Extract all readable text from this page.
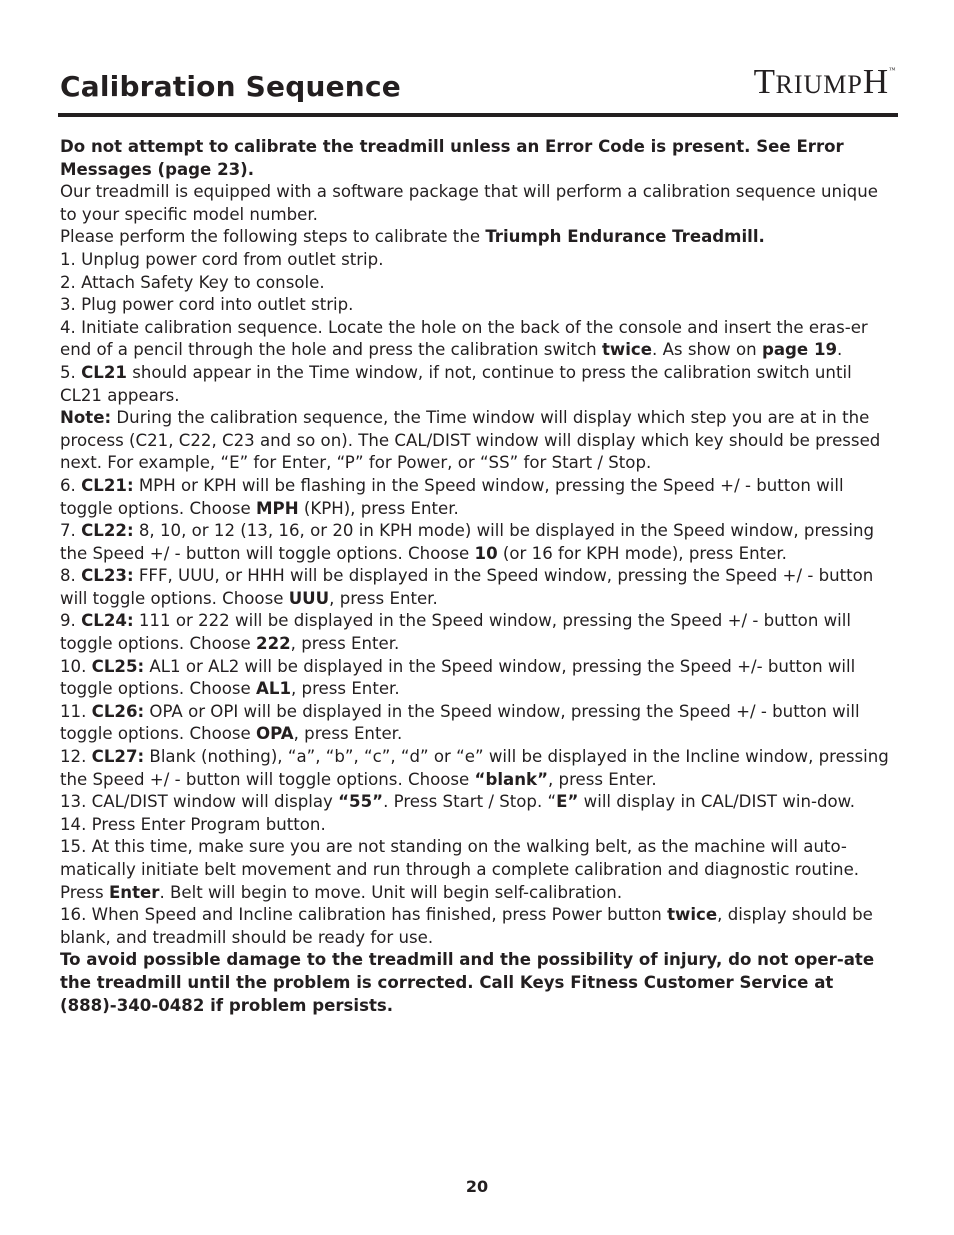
Calibration Sequence	TRIUMPH™

Do not attempt to calibrate the treadmill unless an Error Code is present. See Error Messages (page 23).

Our treadmill is equipped with a software package that will perform a calibration sequence unique to your specific model number.

Please perform the following steps to calibrate the Triumph Endurance Treadmill.

1. Unplug power cord from outlet strip.

2. Attach Safety Key to console.

3. Plug power cord into outlet strip.

4. Initiate calibration sequence. Locate the hole on the back of the console and insert the eras-er end of a pencil through the hole and press the calibration switch twice. As show on page 19.

5. CL21 should appear in the Time window, if not, continue to press the calibration switch until CL21 appears.

Note: During the calibration sequence, the Time window will display which step you are at in the process (C21, C22, C23 and so on). The CAL/DIST window will display which key should be pressed next. For example, “E” for Enter, “P” for Power, or “SS” for Start / Stop.

6. CL21: MPH or KPH will be flashing in the Speed window, pressing the Speed +/ - button will toggle options. Choose MPH (KPH), press Enter.

7. CL22: 8, 10, or 12 (13, 16, or 20 in KPH mode) will be displayed in the Speed window, pressing the Speed +/ - button will toggle options. Choose 10 (or 16 for KPH mode), press Enter.

8. CL23: FFF, UUU, or HHH will be displayed in the Speed window, pressing the Speed +/ - button will toggle options. Choose UUU, press Enter.

9. CL24: 111 or 222 will be displayed in the Speed window, pressing the Speed +/ - button will toggle options. Choose 222, press Enter.

10. CL25: AL1 or AL2 will be displayed in the Speed window, pressing the Speed +/- button will toggle options. Choose AL1, press Enter.

11. CL26: OPA or OPI will be displayed in the Speed window, pressing the Speed +/ - button will toggle options. Choose OPA, press Enter.

12. CL27: Blank (nothing), “a”, “b”, “c”, “d” or “e” will be displayed in the Incline window, pressing the Speed +/ - button will toggle options. Choose “blank”, press Enter.

13. CAL/DIST window will display “55”. Press Start / Stop. “E” will display in CAL/DIST win-dow.

14. Press Enter Program button.

15. At this time, make sure you are not standing on the walking belt, as the machine will auto-matically initiate belt movement and run through a complete calibration and diagnostic routine. Press Enter. Belt will begin to move. Unit will begin self-calibration.

16. When Speed and Incline calibration has finished, press Power button twice, display should be blank, and treadmill should be ready for use.

To avoid possible damage to the treadmill and the possibility of injury, do not oper-ate the treadmill until the problem is corrected. Call Keys Fitness Customer Service at (888)-340-0482 if problem persists.

20
